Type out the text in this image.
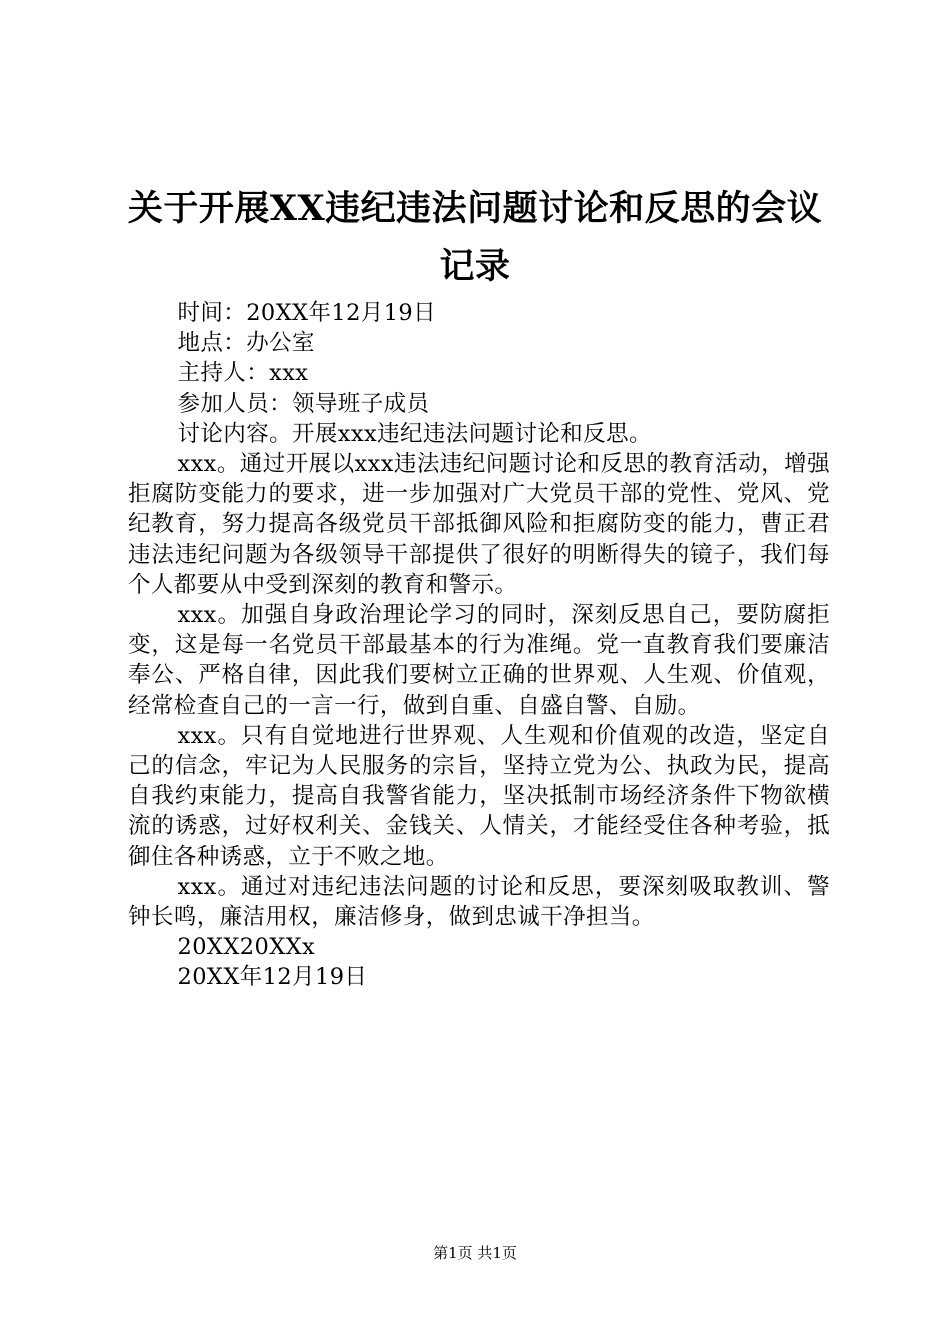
关于开展XX违纪违法问题讨论和反思的会议
记录

时间：20XX年12月19日

地点：办公室

主持人：xxx

参加人员：领导班子成员

讨论内容。开展xxx违纪违法问题讨论和反思。

xxx。通过开展以xxx违法违纪问题讨论和反思的教育活动，增强拒腐防变能力的要求，进一步加强对广大党员干部的党性、党风、党纪教育，努力提高各级党员干部抵御风险和拒腐防变的能力，曹正君违法违纪问题为各级领导干部提供了很好的明断得失的镜子，我们每个人都要从中受到深刻的教育和警示。

xxx。加强自身政治理论学习的同时，深刻反思自己，要防腐拒变，这是每一名党员干部最基本的行为准绳。党一直教育我们要廉洁奉公、严格自律，因此我们要树立正确的世界观、人生观、价值观，经常检查自己的一言一行，做到自重、自盛自警、自励。

xxx。只有自觉地进行世界观、人生观和价值观的改造，坚定自己的信念，牢记为人民服务的宗旨，坚持立党为公、执政为民，提高自我约束能力，提高自我警省能力，坚决抵制市场经济条件下物欲横流的诱惑，过好权利关、金钱关、人情关，才能经受住各种考验，抵御住各种诱惑，立于不败之地。

xxx。通过对违纪违法问题的讨论和反思，要深刻吸取教训、警钟长鸣，廉洁用权，廉洁修身，做到忠诚干净担当。

20XX20XXx

20XX年12月19日

第1页 共1页
